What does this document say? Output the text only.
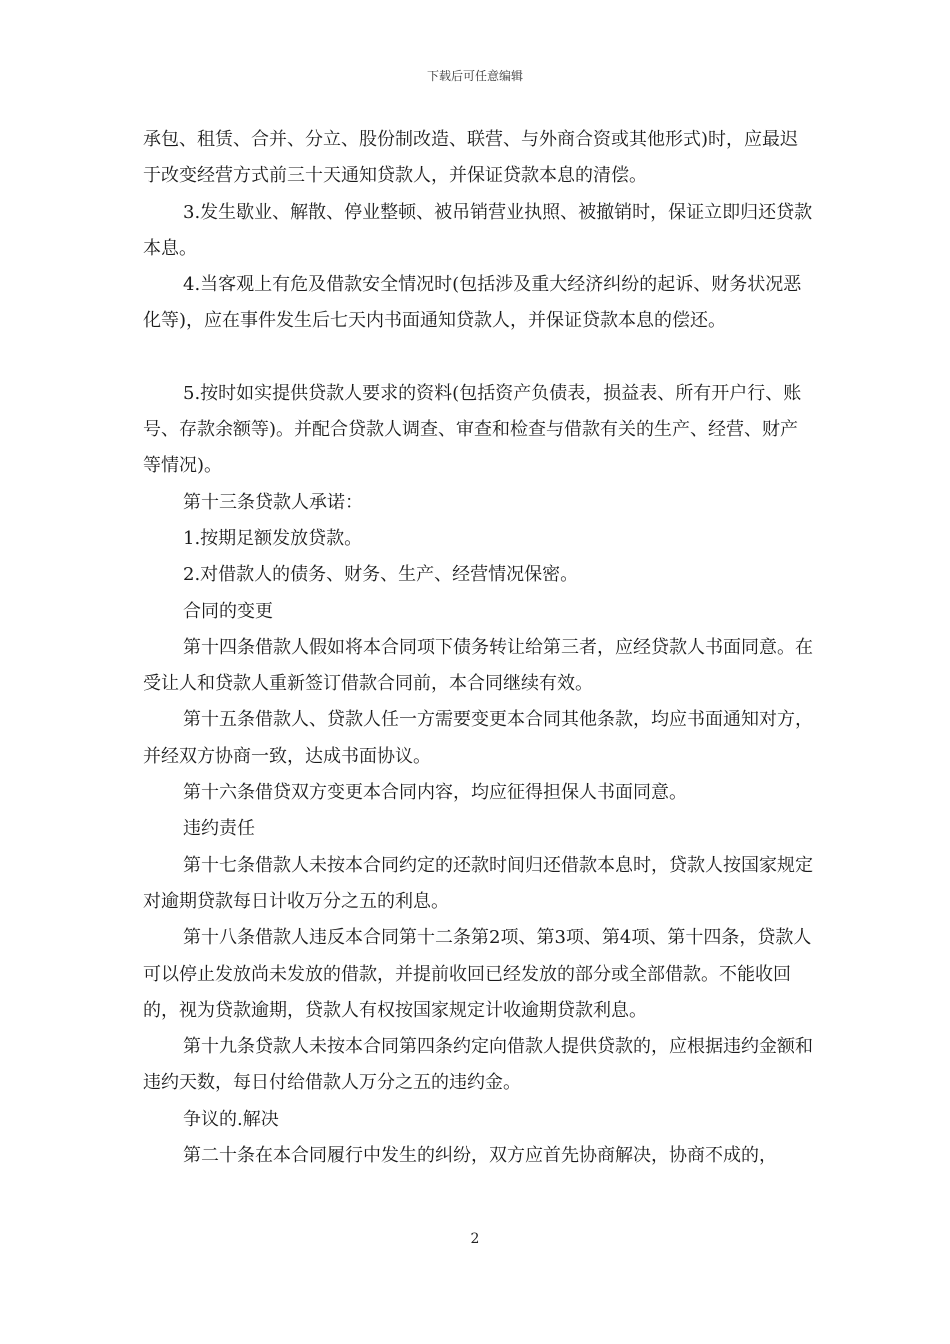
下载后可任意编辑

承包、租赁、合并、分立、股份制改造、联营、与外商合资或其他形式)时，应最迟于改变经营方式前三十天通知贷款人，并保证贷款本息的清偿。

3.发生歇业、解散、停业整顿、被吊销营业执照、被撤销时，保证立即归还贷款本息。

4.当客观上有危及借款安全情况时(包括涉及重大经济纠纷的起诉、财务状况恶化等)，应在事件发生后七天内书面通知贷款人，并保证贷款本息的偿还。

5.按时如实提供贷款人要求的资料(包括资产负债表，损益表、所有开户行、账号、存款余额等)。并配合贷款人调查、审查和检查与借款有关的生产、经营、财产等情况)。

第十三条贷款人承诺：

1.按期足额发放贷款。

2.对借款人的债务、财务、生产、经营情况保密。

合同的变更

第十四条借款人假如将本合同项下债务转让给第三者，应经贷款人书面同意。在受让人和贷款人重新签订借款合同前，本合同继续有效。

第十五条借款人、贷款人任一方需要变更本合同其他条款，均应书面通知对方，并经双方协商一致，达成书面协议。

第十六条借贷双方变更本合同内容，均应征得担保人书面同意。

违约责任

第十七条借款人未按本合同约定的还款时间归还借款本息时，贷款人按国家规定对逾期贷款每日计收万分之五的利息。

第十八条借款人违反本合同第十二条第2项、第3项、第4项、第十四条，贷款人可以停止发放尚未发放的借款，并提前收回已经发放的部分或全部借款。不能收回的，视为贷款逾期，贷款人有权按国家规定计收逾期贷款利息。

第十九条贷款人未按本合同第四条约定向借款人提供贷款的，应根据违约金额和违约天数，每日付给借款人万分之五的违约金。

争议的.解决

第二十条在本合同履行中发生的纠纷，双方应首先协商解决，协商不成的，

2
